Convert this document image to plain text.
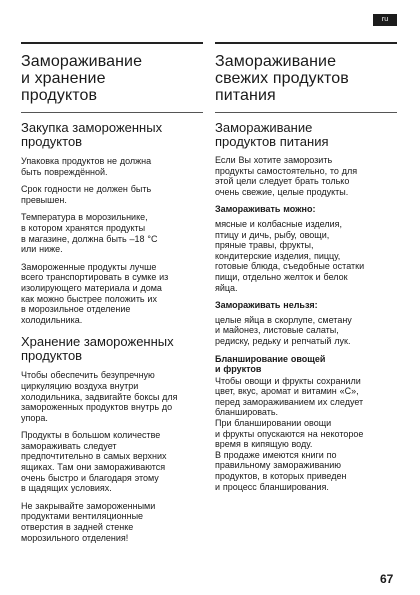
ru
Замораживание
и хранение
продуктов
Закупка замороженных
продуктов

Упаковка продуктов не должна
быть повреждённой.

Срок годности не должен быть
превышен.

Температура в морозильнике,
в котором хранятся продукты
в магазине, должна быть –18 °C
или ниже.

Замороженные продукты лучше
всего транспортировать в сумке из
изолирующего материала и дома
как можно быстрее положить их
в морозильное отделение
холодильника.

Хранение замороженных
продуктов

Чтобы обеспечить безупречную
циркуляцию воздуха внутри
холодильника, задвигайте боксы для
замороженных продуктов внутрь до
упора.

Продукты в большом количестве
замораживать следует
предпочтительно в самых верхних
ящиках. Там они замораживаются
очень быстро и благодаря этому
в щадящих условиях.

Не закрывайте замороженными
продуктами вентиляционные
отверстия в задней стенке
морозильного отделения!

Замораживание
свежих продуктов
питания
Замораживание
продуктов питания

Если Вы хотите заморозить
продукты самостоятельно, то для
этой цели следует брать только
очень свежие, целые продукты.

Замораживать можно:

мясные и колбасные изделия,
птицу и дичь, рыбу, овощи,
пряные травы, фрукты,
кондитерские изделия, пиццу,
готовые блюда, съедобные остатки
пищи, отдельно желток и белок
яйца.

Замораживать нельзя:

целые яйца в скорлупе, сметану
и майонез, листовые салаты,
редиску, редьку и репчатый лук.

Бланширование овощей
и фруктов

Чтобы овощи и фрукты сохранили
цвет, вкус, аромат и витамин «С»,
перед замораживанием их следует
бланшировать.
При бланшировании овощи
и фрукты опускаются на некоторое
время в кипящую воду.
В продаже имеются книги по
правильному замораживанию
продуктов, в которых приведен
и процесс бланширования.

67
